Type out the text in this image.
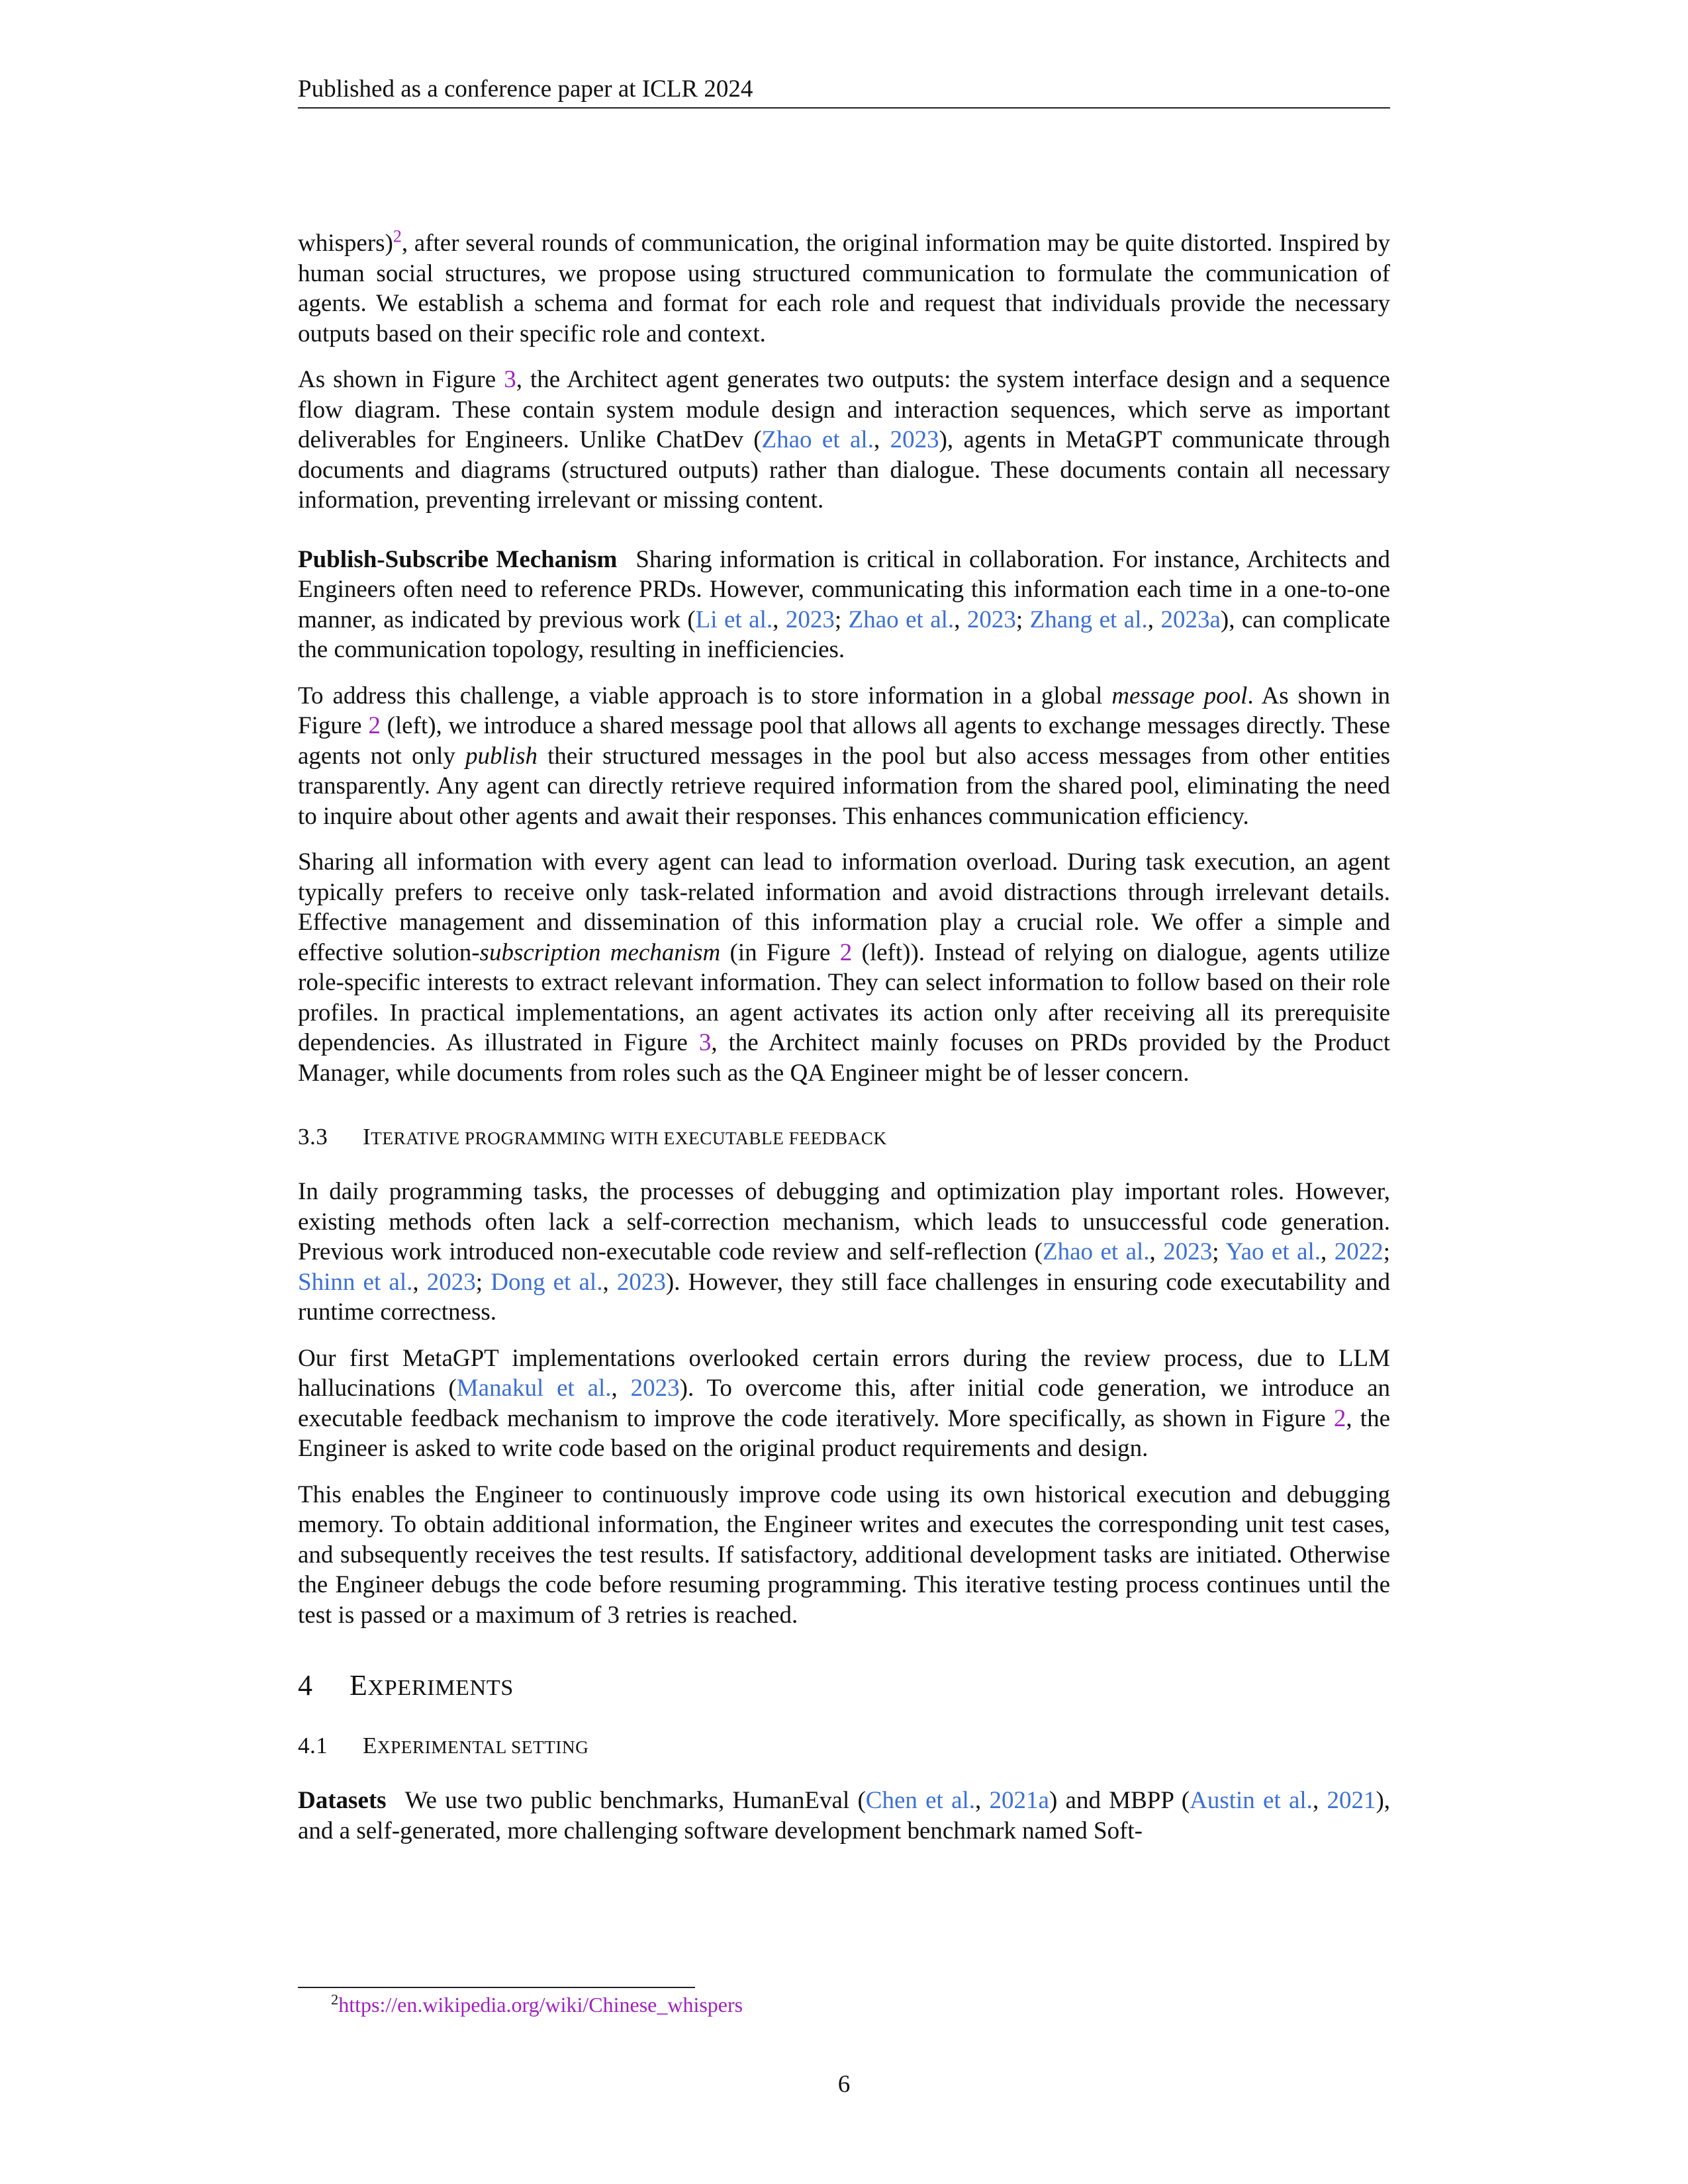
Published as a conference paper at ICLR 2024

whispers)$^2$, after several rounds of communication, the original information may be quite distorted. Inspired by human social structures, we propose using structured communication to formulate the communication of agents. We establish a schema and format for each role and request that individuals provide the necessary outputs based on their specific role and context.

As shown in Figure 3, the Architect agent generates two outputs: the system interface design and a sequence flow diagram. These contain system module design and interaction sequences, which serve as important deliverables for Engineers. Unlike ChatDev (Zhao et al., 2023), agents in MetaGPT communicate through documents and diagrams (structured outputs) rather than dialogue. These documents contain all necessary information, preventing irrelevant or missing content.

Publish-Subscribe Mechanism Sharing information is critical in collaboration. For instance, Architects and Engineers often need to reference PRDs. However, communicating this information each time in a one-to-one manner, as indicated by previous work (Li et al., 2023; Zhao et al., 2023; Zhang et al., 2023a), can complicate the communication topology, resulting in inefficiencies.

To address this challenge, a viable approach is to store information in a global message pool. As shown in Figure 2 (left), we introduce a shared message pool that allows all agents to exchange messages directly. These agents not only publish their structured messages in the pool but also access messages from other entities transparently. Any agent can directly retrieve required information from the shared pool, eliminating the need to inquire about other agents and await their responses. This enhances communication efficiency.

Sharing all information with every agent can lead to information overload. During task execution, an agent typically prefers to receive only task-related information and avoid distractions through irrelevant details. Effective management and dissemination of this information play a crucial role. We offer a simple and effective solution-subscription mechanism (in Figure 2 (left)). Instead of relying on dialogue, agents utilize role-specific interests to extract relevant information. They can select information to follow based on their role profiles. In practical implementations, an agent activates its action only after receiving all its prerequisite dependencies. As illustrated in Figure 3, the Architect mainly focuses on PRDs provided by the Product Manager, while documents from roles such as the QA Engineer might be of lesser concern.

3.3 ITERATIVE PROGRAMMING WITH EXECUTABLE FEEDBACK

In daily programming tasks, the processes of debugging and optimization play important roles. However, existing methods often lack a self-correction mechanism, which leads to unsuccessful code generation. Previous work introduced non-executable code review and self-reflection (Zhao et al., 2023; Yao et al., 2022; Shinn et al., 2023; Dong et al., 2023). However, they still face challenges in ensuring code executability and runtime correctness.

Our first MetaGPT implementations overlooked certain errors during the review process, due to LLM hallucinations (Manakul et al., 2023). To overcome this, after initial code generation, we introduce an executable feedback mechanism to improve the code iteratively. More specifically, as shown in Figure 2, the Engineer is asked to write code based on the original product requirements and design.

This enables the Engineer to continuously improve code using its own historical execution and debugging memory. To obtain additional information, the Engineer writes and executes the corresponding unit test cases, and subsequently receives the test results. If satisfactory, additional development tasks are initiated. Otherwise the Engineer debugs the code before resuming programming. This iterative testing process continues until the test is passed or a maximum of 3 retries is reached.

4 EXPERIMENTS
4.1 EXPERIMENTAL SETTING

Datasets We use two public benchmarks, HumanEval (Chen et al., 2021a) and MBPP (Austin et al., 2021), and a self-generated, more challenging software development benchmark named Soft-

$^2$https://en.wikipedia.org/wiki/Chinese_whispers
6
